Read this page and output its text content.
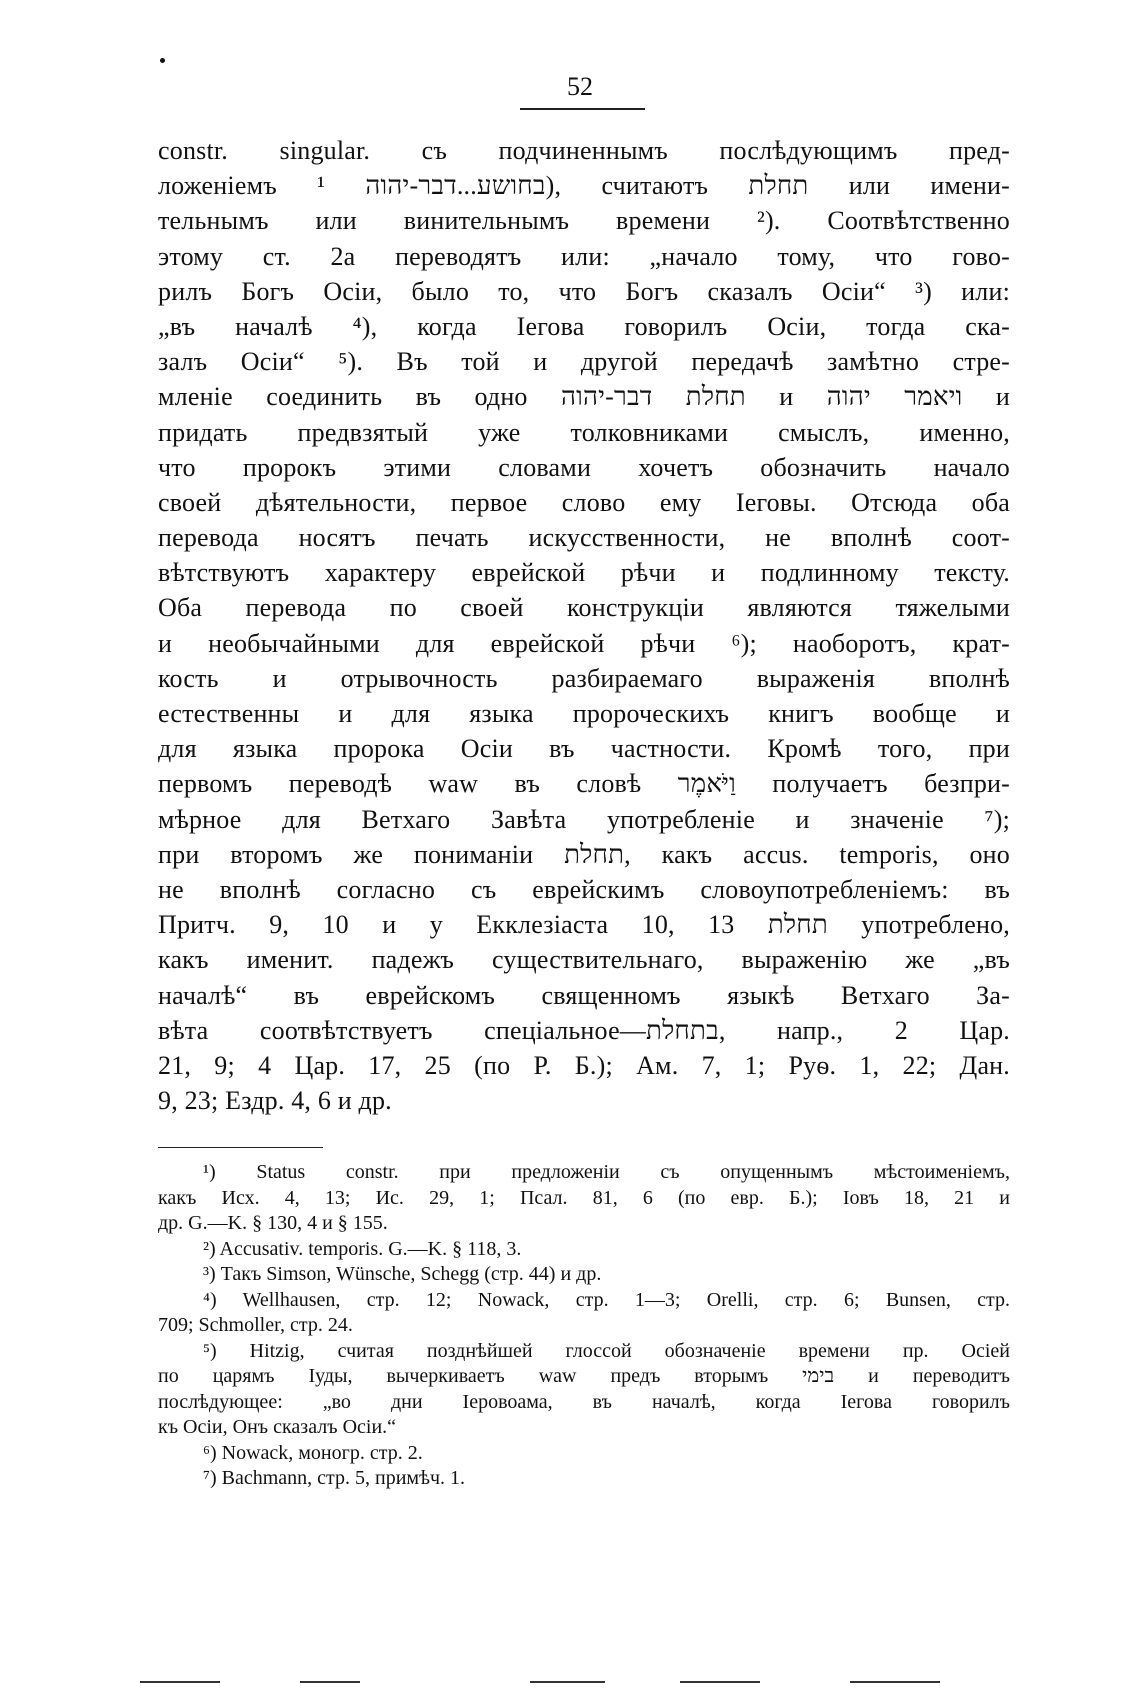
52
constr. singular. съ подчиненнымъ послѣдующимъ пред-
ложеніемъ בחושע...דבר-יהוה ¹), считаютъ תחלת или имени-
тельнымъ или винительнымъ времени ²). Соотвѣтственно
этому ст. 2а переводятъ или: „начало тому, что гово-
рилъ Богъ Осіи, было то, что Богъ сказалъ Осіи“ ³) или:
„въ началѣ ⁴), когда Іегова говорилъ Осіи, тогда ска-
залъ Осіи“ ⁵). Въ той и другой передачѣ замѣтно стре-
мленіе соединить въ одно תחלת דבר-יהוה и ויאמר יהוה и
придать предвзятый уже толковниками смыслъ, именно,
что пророкъ этими словами хочетъ обозначить начало
своей дѣятельности, первое слово ему Іеговы. Отсюда оба
перевода носятъ печать искусственности, не вполнѣ соот-
вѣтствуютъ характеру еврейской рѣчи и подлинному тексту.
Оба перевода по своей конструкціи являются тяжелыми
и необычайными для еврейской рѣчи ⁶); наоборотъ, крат-
кость и отрывочность разбираемаго выраженія вполнѣ
естественны и для языка пророческихъ книгъ вообще и
для языка пророка Осіи въ частности. Кромѣ того, при
первомъ переводѣ waw въ словѣ וַיֹּאמֶר получаетъ безпри-
мѣрное для Ветхаго Завѣта употребленіе и значеніе ⁷);
при второмъ же пониманіи תחלת, какъ accus. temporis, оно
не вполнѣ согласно съ еврейскимъ словоупотребленіемъ: въ
Притч. 9, 10 и у Екклезіаста 10, 13 תחלת употреблено,
какъ именит. падежъ существительнаго, выраженію же „въ
началѣ“ въ еврейскомъ священномъ языкѣ Ветхаго За-
вѣта соотвѣтствуетъ спеціальное—בתחלת, напр., 2 Цар.
21, 9; 4 Цар. 17, 25 (по Р. Б.); Ам. 7, 1; Руѳ. 1, 22; Дан.
9, 23; Ездр. 4, 6 и др.
¹) Status constr. при предложеніи съ опущеннымъ мѣстоименіемъ,
какъ Исх. 4, 13; Ис. 29, 1; Псал. 81, 6 (по евр. Б.); Іовъ 18, 21 и
др. G.—K. § 130, 4 и § 155.
²) Accusativ. temporis. G.—K. § 118, 3.
³) Такъ Simson, Wünsche, Schegg (стр. 44) и др.
⁴) Wellhausen, стр. 12; Nowack, стр. 1—3; Orelli, стр. 6; Bunsen, стр.
709; Schmoller, стр. 24.
⁵) Hitzig, считая позднѣйшей глоссой обозначеніе времени пр. Осіей
по царямъ Іуды, вычеркиваетъ waw предъ вторымъ בימי и переводитъ
послѣдующее: „во дни Іеровоама, въ началѣ, когда Іегова говорилъ
къ Осіи, Онъ сказалъ Осіи.“
⁶) Nowack, моногр. стр. 2.
⁷) Bachmann, стр. 5, примѣч. 1.
